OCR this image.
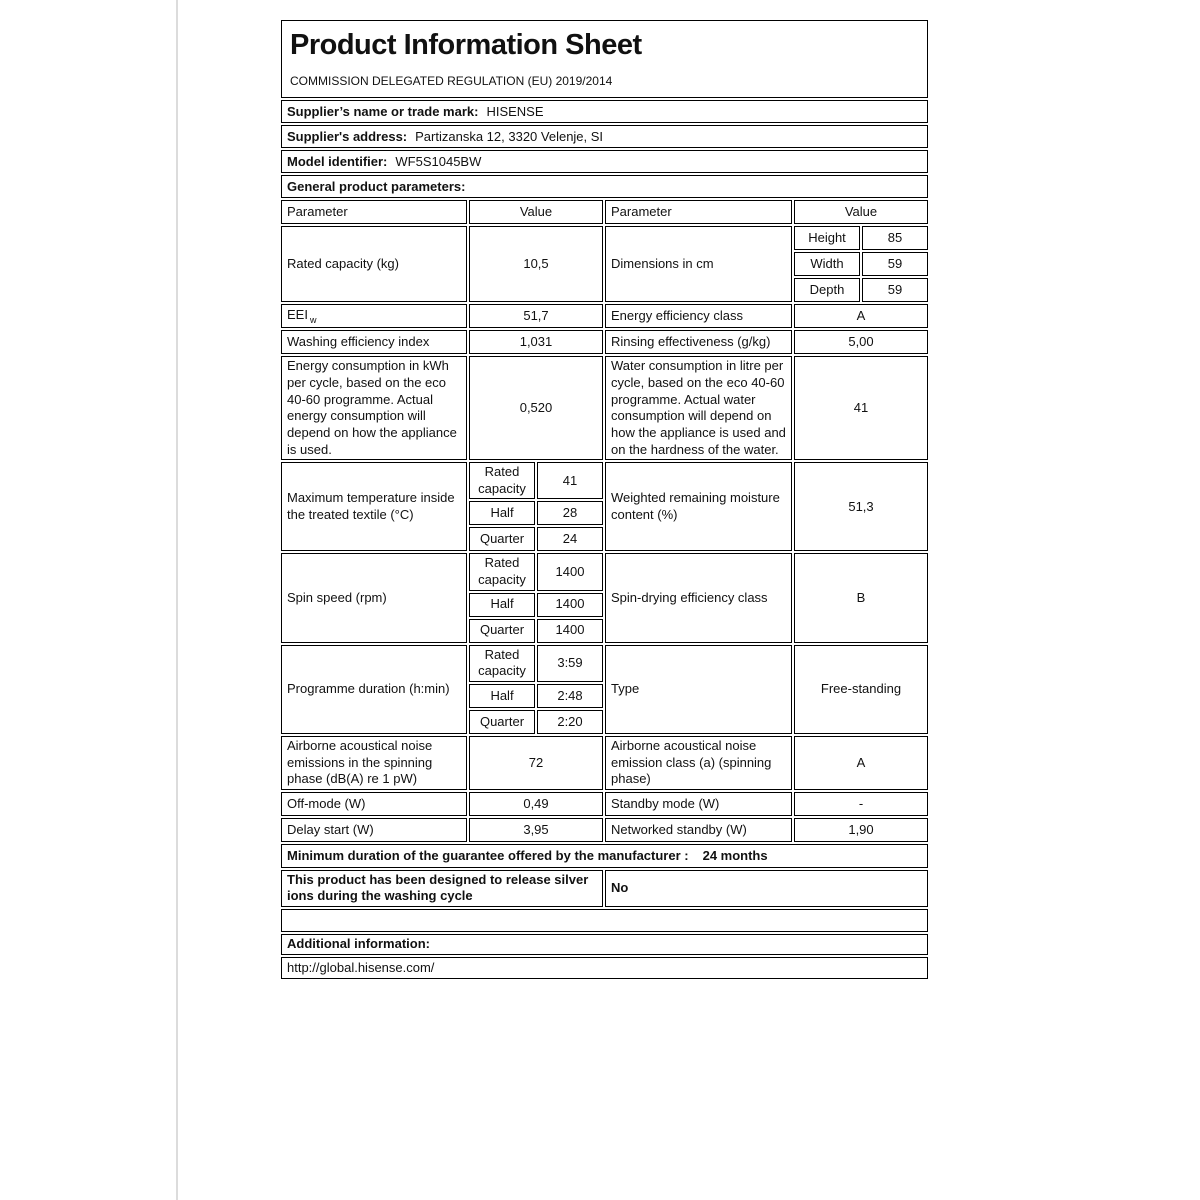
Product Information Sheet
COMMISSION DELEGATED REGULATION (EU) 2019/2014					

Supplier’s name or trade mark: HISENSE					
Supplier's address: Partizanska 12, 3320 Velenje, SI					
Model identifier: WF5S1045BW					
General product parameters:					
Parameter	Value		Parameter	Value	
Rated capacity (kg)	10,5		Dimensions in cm	Height	85
				Width	59
				Depth	59
EEI $_w$	51,7		Energy efficiency class	A	
Washing efficiency index	1,031		Rinsing effectiveness (g/kg)	5,00	
Energy consumption in kWh per cycle, based on the eco 40-60 programme. Actual energy consumption will depend on how the appliance is used.	0,520		Water consumption in litre per cycle, based on the eco 40-60 programme. Actual water consumption will depend on how the appliance is used and on the hardness of the water.	41	
Maximum temperature inside the treated textile (°C)	Rated capacity	41	Weighted remaining moisture content (%)	51,3	
	Half	28			
	Quarter	24			
Spin speed (rpm)	Rated capacity	1400	Spin-drying efficiency class	B	
	Half	1400			
	Quarter	1400			
Programme duration (h:min)	Rated capacity	3:59	Type	Free-standing	
	Half	2:48			
	Quarter	2:20			
Airborne acoustical noise emissions in the spinning phase (dB(A) re 1 pW)	72		Airborne acoustical noise emission class (a) (spinning phase)	A	
Off-mode (W)	0,49		Standby mode (W)	-	
Delay start (W)	3,95		Networked standby (W)	1,90	
Minimum duration of the guarantee offered by the manufacturer : 24 months					
This product has been designed to release silver ions during the washing cycle			No		

Additional information:					
http://global.hisense.com/					
